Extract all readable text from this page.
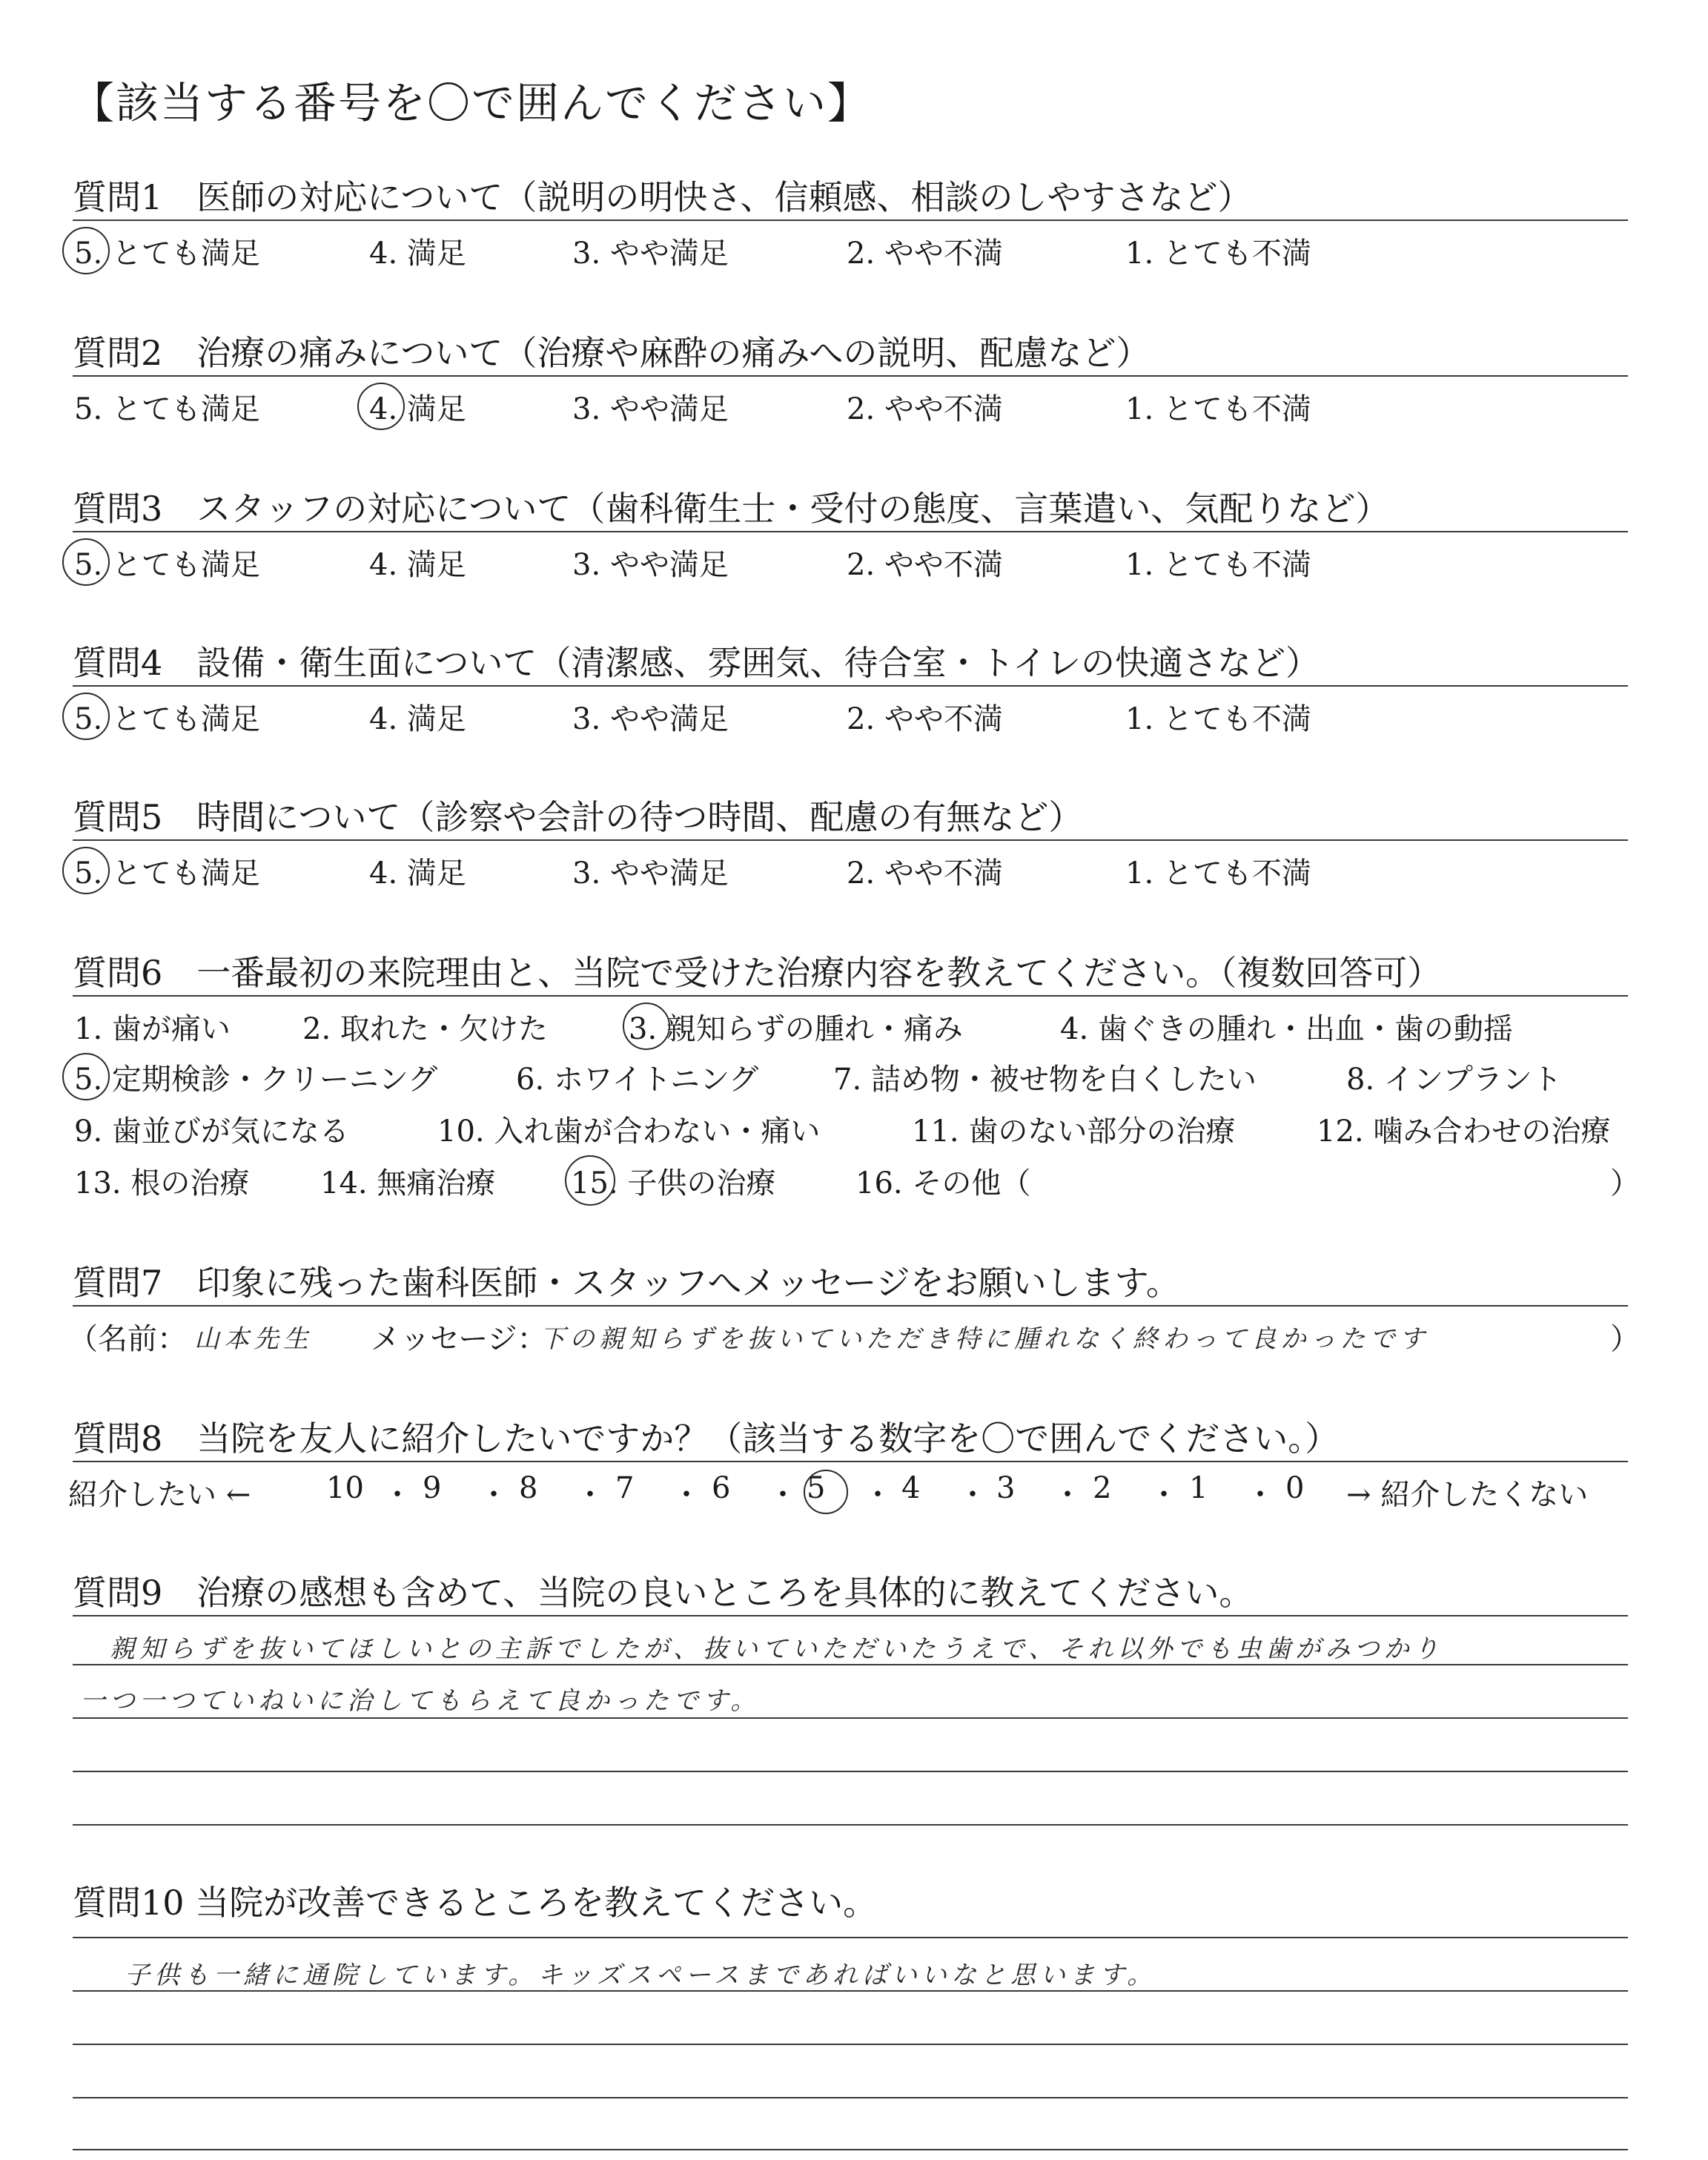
【該当する番号を〇で囲んでください】
質問1　医師の対応について（説明の明快さ、信頼感、相談のしやすさなど）
5. とても満足	4. 満足	3. やや満足	2. やや不満	1. とても不満
質問2　治療の痛みについて（治療や麻酔の痛みへの説明、配慮など）
5. とても満足	4. 満足	3. やや満足	2. やや不満	1. とても不満
質問3　スタッフの対応について（歯科衛生士・受付の態度、言葉遣い、気配りなど）
5. とても満足	4. 満足	3. やや満足	2. やや不満	1. とても不満
質問4　設備・衛生面について（清潔感、雰囲気、待合室・トイレの快適さなど）
5. とても満足	4. 満足	3. やや満足	2. やや不満	1. とても不満
質問5　時間について（診察や会計の待つ時間、配慮の有無など）
5. とても満足	4. 満足	3. やや満足	2. やや不満	1. とても不満
質問6　一番最初の来院理由と、当院で受けた治療内容を教えてください。（複数回答可）
1. 歯が痛い 2. 取れた・欠けた	3. 親知らずの腫れ・痛み	4. 歯ぐきの腫れ・出血・歯の動揺
5. 定期検診・クリーニング	6. ホワイトニング	7. 詰め物・被せ物を白くしたい	8. インプラント
9. 歯並びが気になる	10. 入れ歯が合わない・痛い	11. 歯のない部分の治療	12. 噛み合わせの治療
13. 根の治療 14. 無痛治療	15. 子供の治療	16. その他（	）
質問7　印象に残った歯科医師・スタッフへメッセージをお願いします。
（名前： 山本先生 メッセージ：
下の親知らずを抜いていただき特に腫れなく終わって良かったです	）
質問8　当院を友人に紹介したいですか？（該当する数字を〇で囲んでください。）
紹介したい ←	10 ・ 9 ・ 8 ・ 7 ・ 6 ・ 5 ・ 4 ・ 3 ・ 2 ・ 1 ・ 0 → 紹介したくない
質問9　治療の感想も含めて、当院の良いところを具体的に教えてください。
親知らずを抜いてほしいとの主訴でしたが、抜いていただいたうえで、それ以外でも虫歯がみつかり
一つ一つていねいに治してもらえて良かったです。
質問10 当院が改善できるところを教えてください。
子供も一緒に通院しています。キッズスペースまであればいいなと思います。
